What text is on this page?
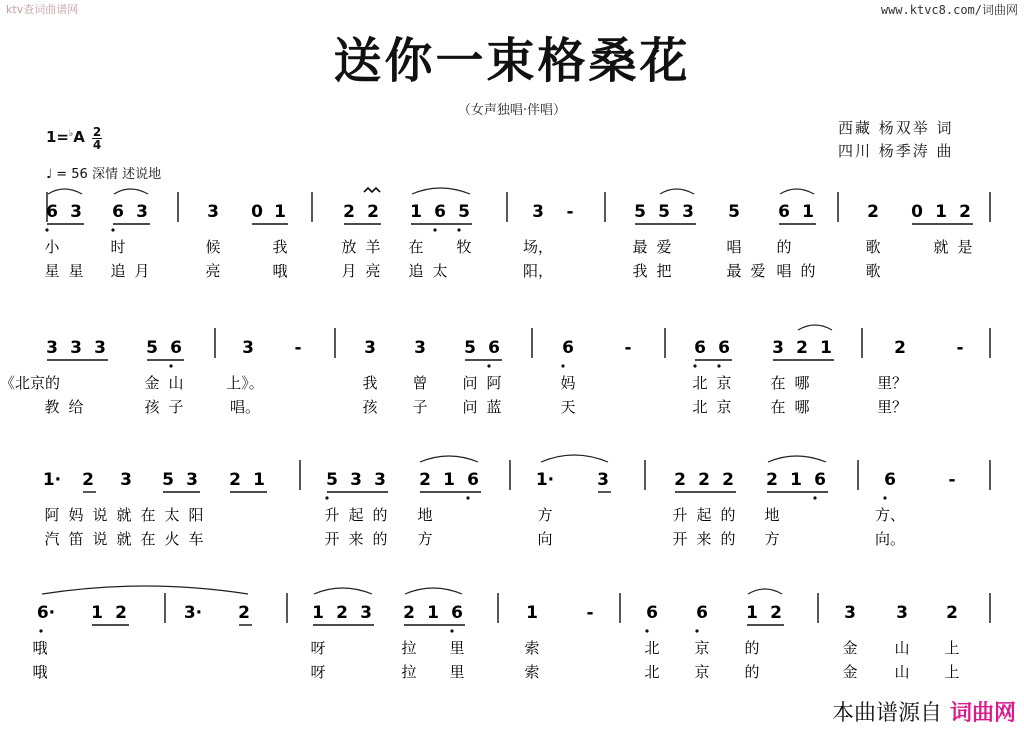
ktv查词曲谱网	www.ktvc8.com/词曲网
送你一束格桑花
（女声独唱·伴唱）
西藏 杨双举 词
四川 杨季涛 曲
1=♭A 2
4
♩ = 56 深情 述说地
6 3 6 3	3 0 1	2 2 1 6 5	3 -	5 5 3 5 6 1	2 0 1 2
小	时	候	我	放 羊 在 牧	场，	最 爱	唱 的	歌	就 是
星 星 追 月	亮	哦	月 亮 追 太	阳，	我 把	最 爱 唱 的	歌
3 3 3 5 6	3 -	3 3 5 6	6	-	6 6 3 2 1	2	-
《北京的	金 山	上》。	我 曾 问 阿	妈	北 京	在 哪	里？
教 给	孩 子	唱。	孩 子 问 蓝	天	北 京	在 哪	里？
1· 2 3 5 3 2 1	5 3 3 2 1 6	1·	3	2 2 2 2 1 6	6	-
阿 妈 说 就 在 太 阳	升 起 的 地	方	升 起 的 地	方、
汽 笛 说 就 在 火 车	开 来 的 方	向	开 来 的 方	向。
6· 1 2	3· 2	1 2 3 2 1 6	1	-	6 6 1 2	3 3 2
哦	呀	拉 里	索	北 京 的	金 山 上
哦	呀	拉 里	索	北 京 的	金 山 上
本曲谱源自 词曲网
